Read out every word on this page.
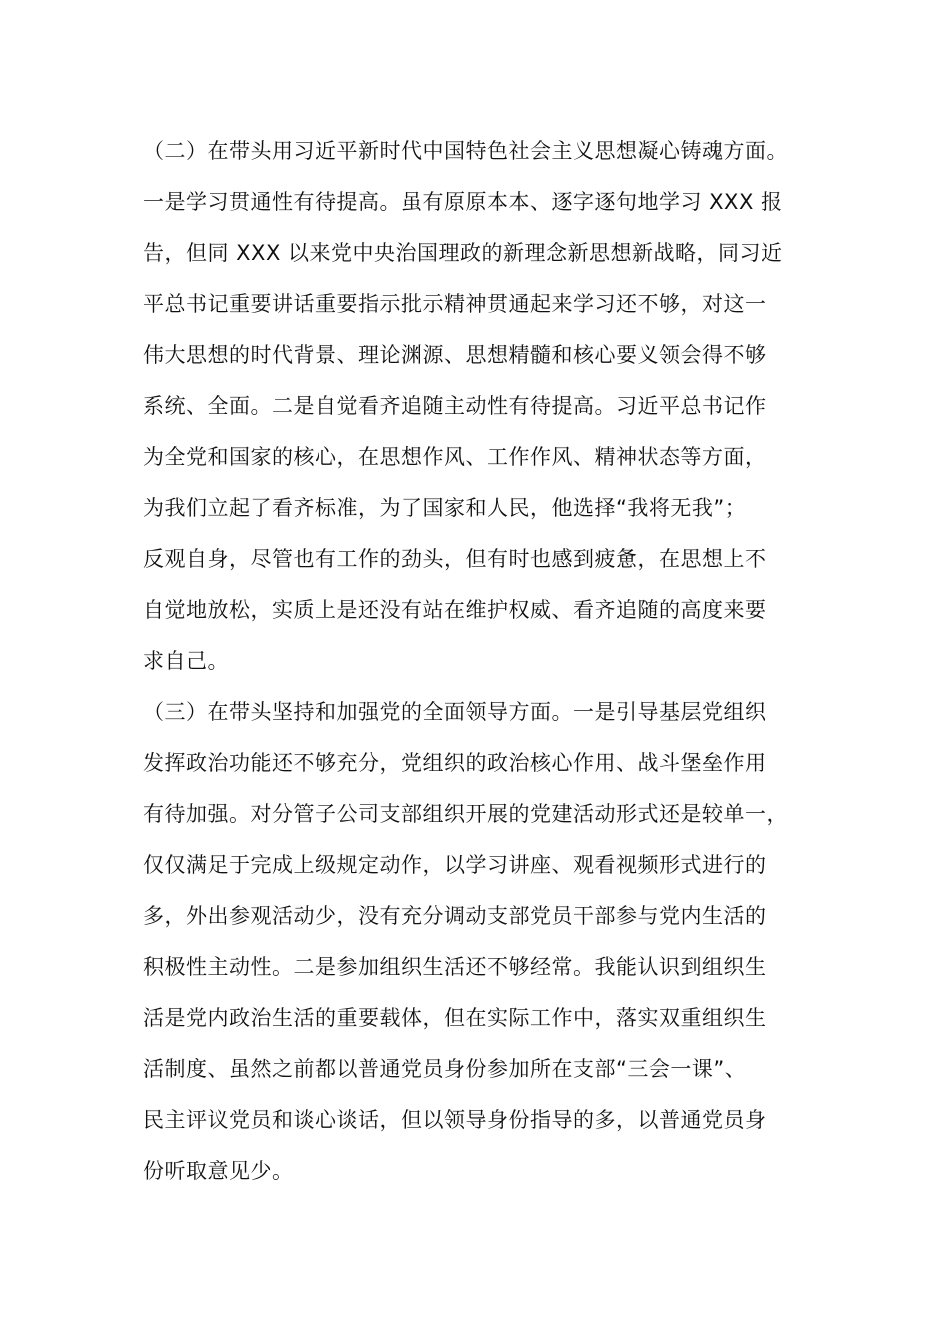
（二）在带头用习近平新时代中国特色社会主义思想凝心铸魂方面。
一是学习贯通性有待提高。虽有原原本本、逐字逐句地学习 XXX 报
告，但同 XXX 以来党中央治国理政的新理念新思想新战略，同习近
平总书记重要讲话重要指示批示精神贯通起来学习还不够，对这一
伟大思想的时代背景、理论渊源、思想精髓和核心要义领会得不够
系统、全面。二是自觉看齐追随主动性有待提高。习近平总书记作
为全党和国家的核心，在思想作风、工作作风、精神状态等方面，
为我们立起了看齐标准，为了国家和人民，他选择“我将无我”；
反观自身，尽管也有工作的劲头，但有时也感到疲惫，在思想上不
自觉地放松，实质上是还没有站在维护权威、看齐追随的高度来要
求自己。
（三）在带头坚持和加强党的全面领导方面。一是引导基层党组织
发挥政治功能还不够充分，党组织的政治核心作用、战斗堡垒作用
有待加强。对分管子公司支部组织开展的党建活动形式还是较单一，
仅仅满足于完成上级规定动作，以学习讲座、观看视频形式进行的
多，外出参观活动少，没有充分调动支部党员干部参与党内生活的
积极性主动性。二是参加组织生活还不够经常。我能认识到组织生
活是党内政治生活的重要载体，但在实际工作中，落实双重组织生
活制度、虽然之前都以普通党员身份参加所在支部“三会一课”、
民主评议党员和谈心谈话，但以领导身份指导的多，以普通党员身
份听取意见少。
